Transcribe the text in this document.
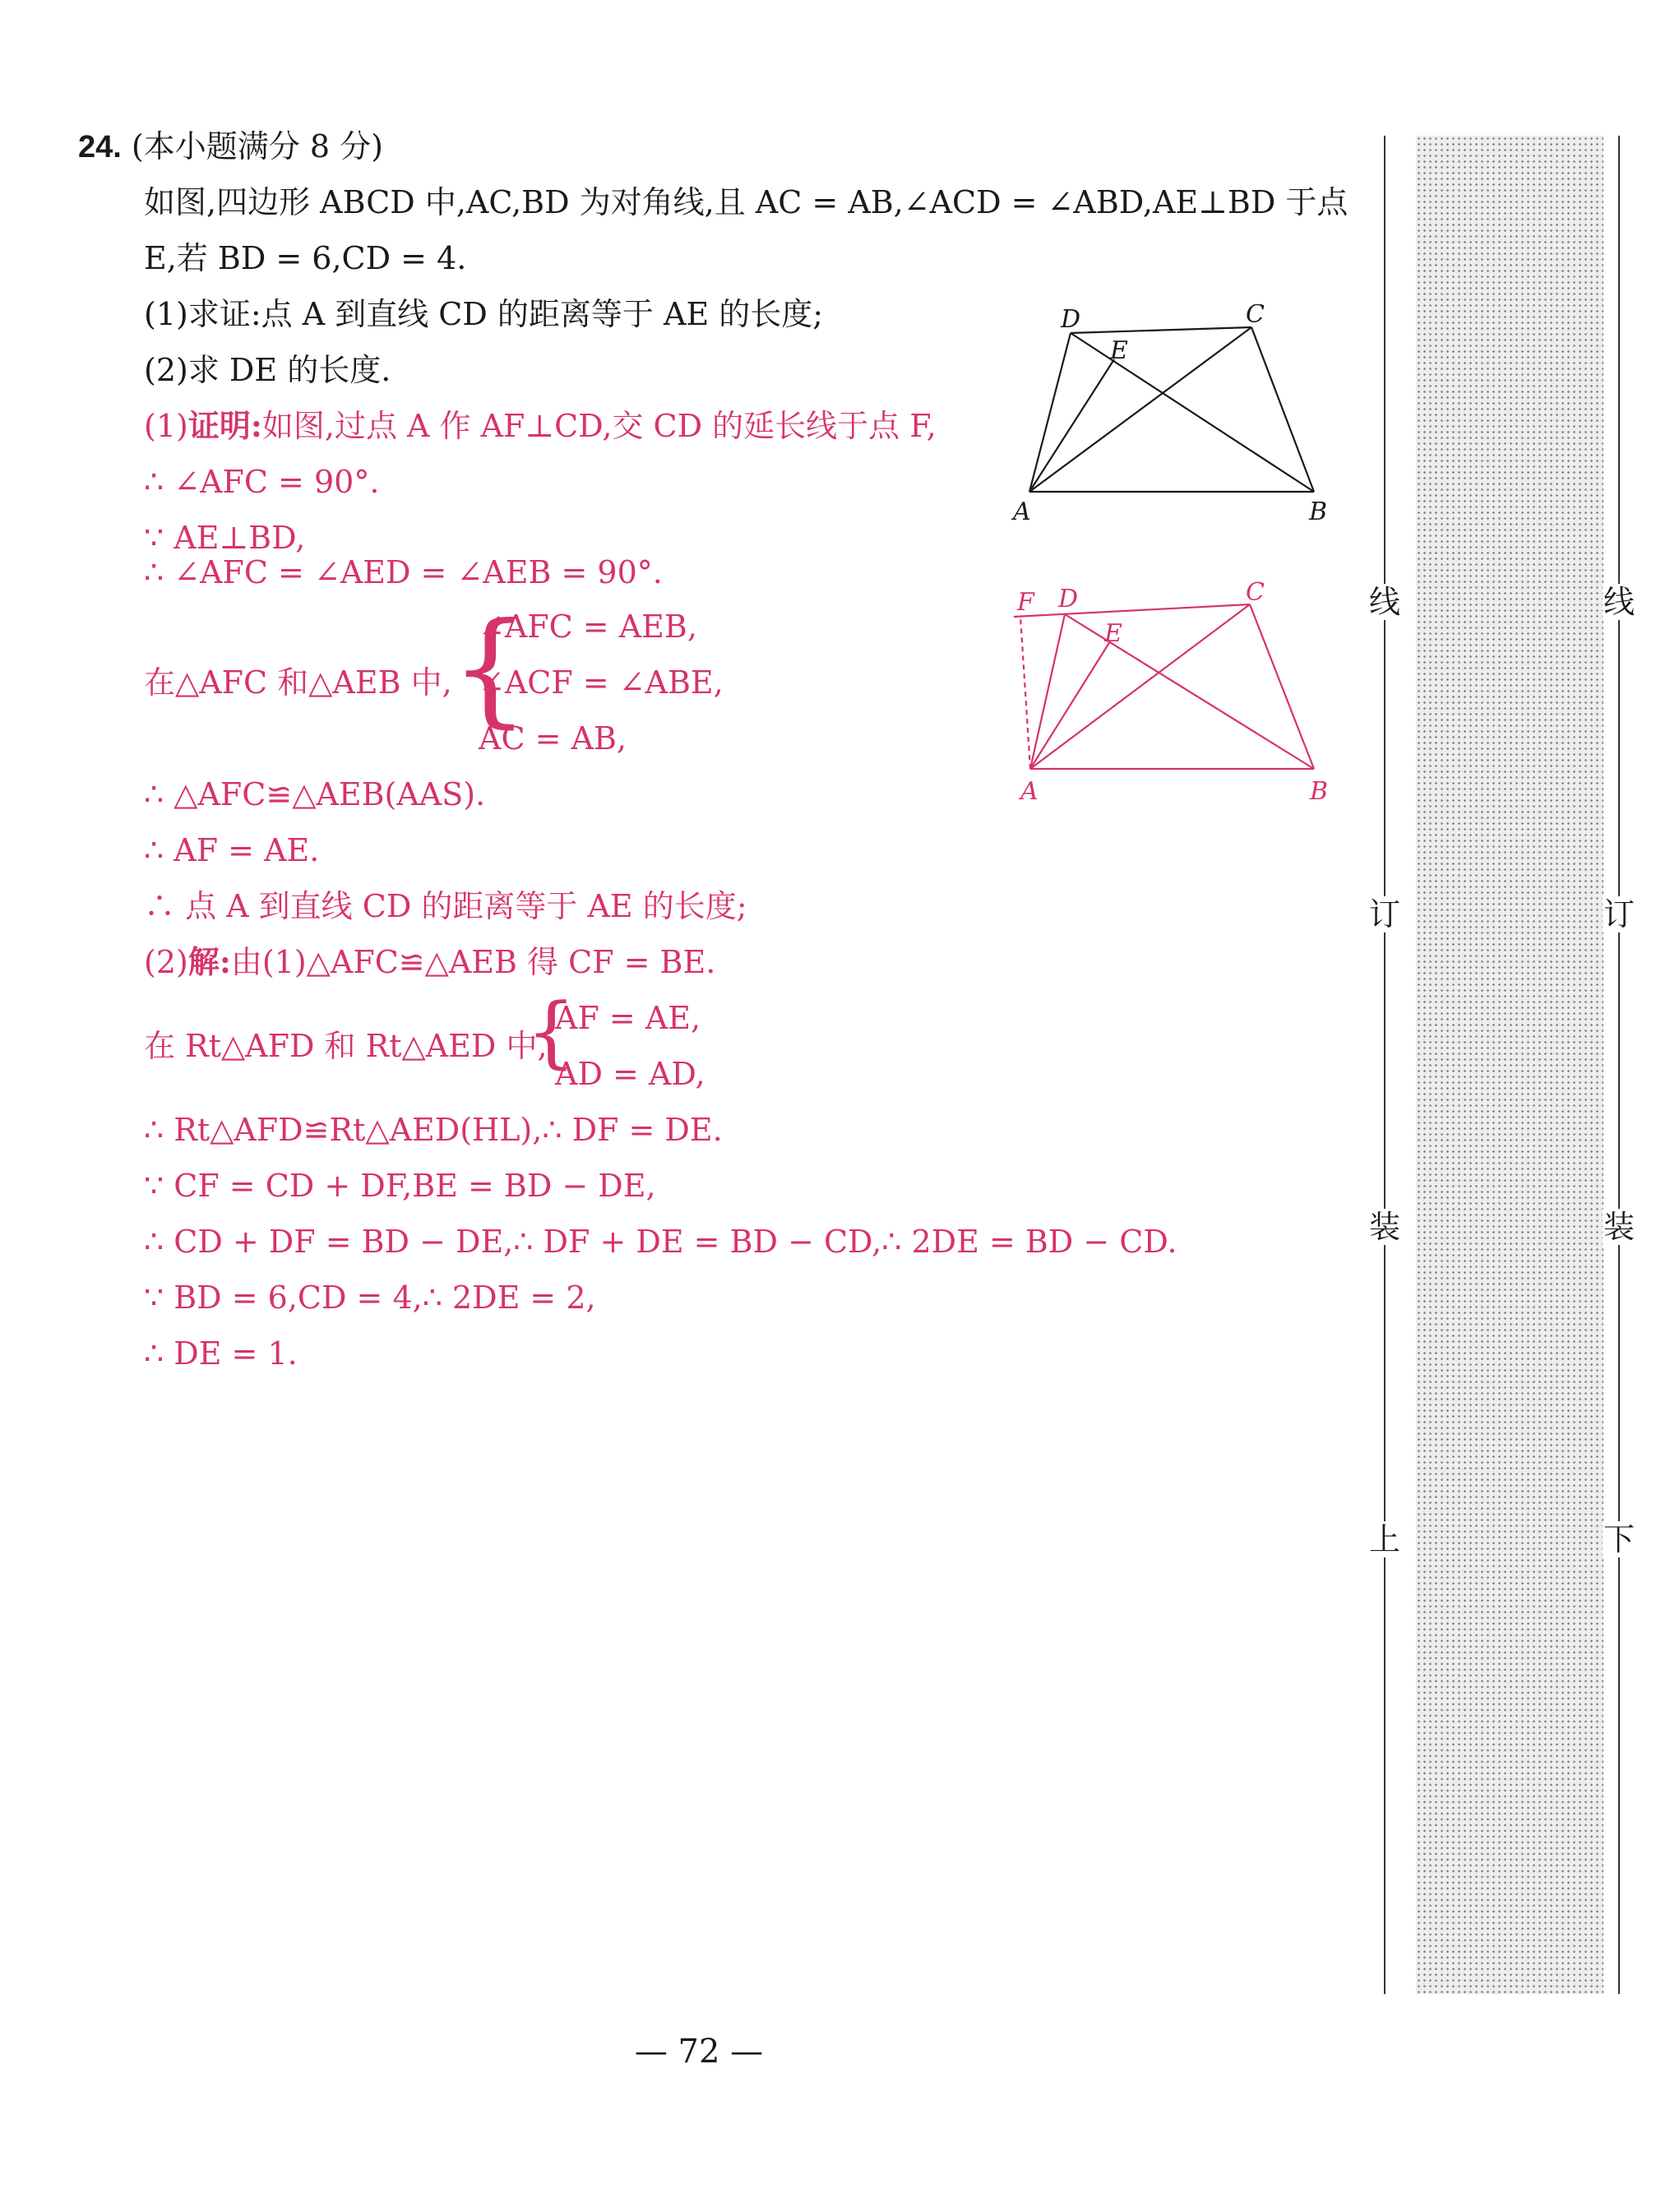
24. (本小题满分 8 分)
如图,四边形 ABCD 中,AC,BD 为对角线,且 AC = AB,∠ACD = ∠ABD,AE⊥BD 于点
E,若 BD = 6,CD = 4.
(1)求证:点 A 到直线 CD 的距离等于 AE 的长度;
(2)求 DE 的长度.
(1)证明:如图,过点 A 作 AF⊥CD,交 CD 的延长线于点 F,
∴ ∠AFC = 90°.
∵ AE⊥BD,
∴ ∠AFC = ∠AED = ∠AEB = 90°.
在△AFC 和△AEB 中,
{
∠AFC = AEB,
∠ACF = ∠ABE,
AC = AB,
∴ △AFC≌△AEB(AAS).
∴ AF = AE.
∴ 点 A 到直线 CD 的距离等于 AE 的长度;
(2)解:由(1)△AFC≌△AEB 得 CF = BE.
在 Rt△AFD 和 Rt△AED 中,
{
AF = AE,
AD = AD,
∴ Rt△AFD≌Rt△AED(HL),∴ DF = DE.
∵ CF = CD + DF,BE = BD − DE,
∴ CD + DF = BD − DE,∴ DF + DE = BD − CD,∴ 2DE = BD − CD.
∵ BD = 6,CD = 4,∴ 2DE = 2,
∴ DE = 1.
A	B
C
D
E
A	B
C
D
E
F	线
订
装
上
线
订
装
下
— 72 —
